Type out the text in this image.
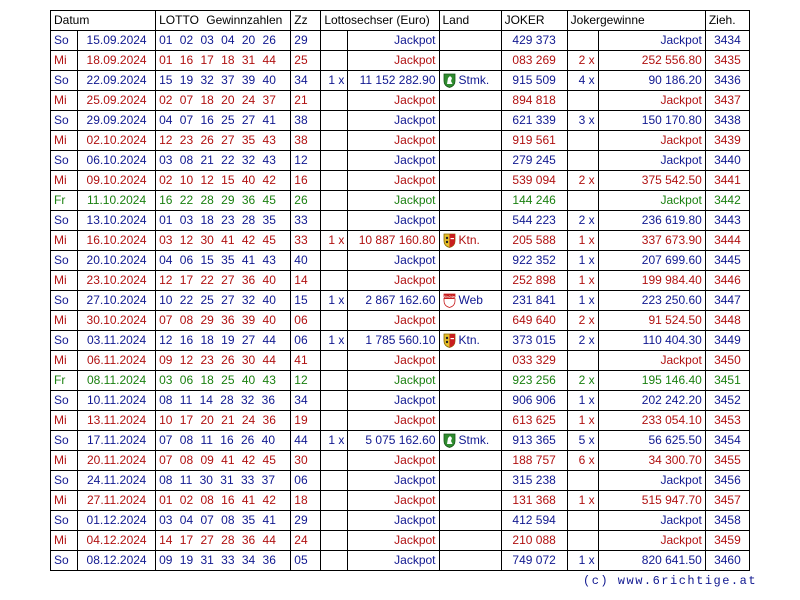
Datum		LOTTO Gewinnzahlen	Zz	Lottosechser (Euro)		Land	JOKER	Jokergewinne		Zieh.

So	15.09.2024	01 02 03 04 20 26	29		Jackpot		429 373		Jackpot	3434
Mi	18.09.2024	01 16 17 18 31 44	25		Jackpot		083 269	2 x	252 556.80	3435
So	22.09.2024	15 19 32 37 39 40	34	1 x	11 152 282.90	Stmk.	915 509	4 x	90 186.20	3436
Mi	25.09.2024	02 07 18 20 24 37	21		Jackpot		894 818		Jackpot	3437
So	29.09.2024	04 07 16 25 27 41	38		Jackpot		621 339	3 x	150 170.80	3438
Mi	02.10.2024	12 23 26 27 35 43	38		Jackpot		919 561		Jackpot	3439
So	06.10.2024	03 08 21 22 32 43	12		Jackpot		279 245		Jackpot	3440
Mi	09.10.2024	02 10 12 15 40 42	16		Jackpot		539 094	2 x	375 542.50	3441
Fr	11.10.2024	16 22 28 29 36 45	26		Jackpot		144 246		Jackpot	3442
So	13.10.2024	01 03 18 23 28 35	33		Jackpot		544 223	2 x	236 619.80	3443
Mi	16.10.2024	03 12 30 41 42 45	33	1 x	10 887 160.80	Ktn.	205 588	1 x	337 673.90	3444
So	20.10.2024	04 06 15 35 41 43	40		Jackpot		922 352	1 x	207 699.60	3445
Mi	23.10.2024	12 17 22 27 36 40	14		Jackpot		252 898	1 x	199 984.40	3446
So	27.10.2024	10 22 25 27 32 40	15	1 x	2 867 162.60	Win2day Web	231 841	1 x	223 250.60	3447
Mi	30.10.2024	07 08 29 36 39 40	06		Jackpot		649 640	2 x	91 524.50	3448
So	03.11.2024	12 16 18 19 27 44	06	1 x	1 785 560.10	Ktn.	373 015	2 x	110 404.30	3449
Mi	06.11.2024	09 12 23 26 30 44	41		Jackpot		033 329		Jackpot	3450
Fr	08.11.2024	03 06 18 25 40 43	12		Jackpot		923 256	2 x	195 146.40	3451
So	10.11.2024	08 11 14 28 32 36	34		Jackpot		906 906	1 x	202 242.20	3452
Mi	13.11.2024	10 17 20 21 24 36	19		Jackpot		613 625	1 x	233 054.10	3453
So	17.11.2024	07 08 11 16 26 40	44	1 x	5 075 162.60	Stmk.	913 365	5 x	56 625.50	3454
Mi	20.11.2024	07 08 09 41 42 45	30		Jackpot		188 757	6 x	34 300.70	3455
So	24.11.2024	08 11 30 31 33 37	06		Jackpot		315 238		Jackpot	3456
Mi	27.11.2024	01 02 08 16 41 42	18		Jackpot		131 368	1 x	515 947.70	3457
So	01.12.2024	03 04 07 08 35 41	29		Jackpot		412 594		Jackpot	3458
Mi	04.12.2024	14 17 27 28 36 44	24		Jackpot		210 088		Jackpot	3459
So	08.12.2024	09 19 31 33 34 36	05		Jackpot		749 072	1 x	820 641.50	3460
(c) www.6richtige.at
